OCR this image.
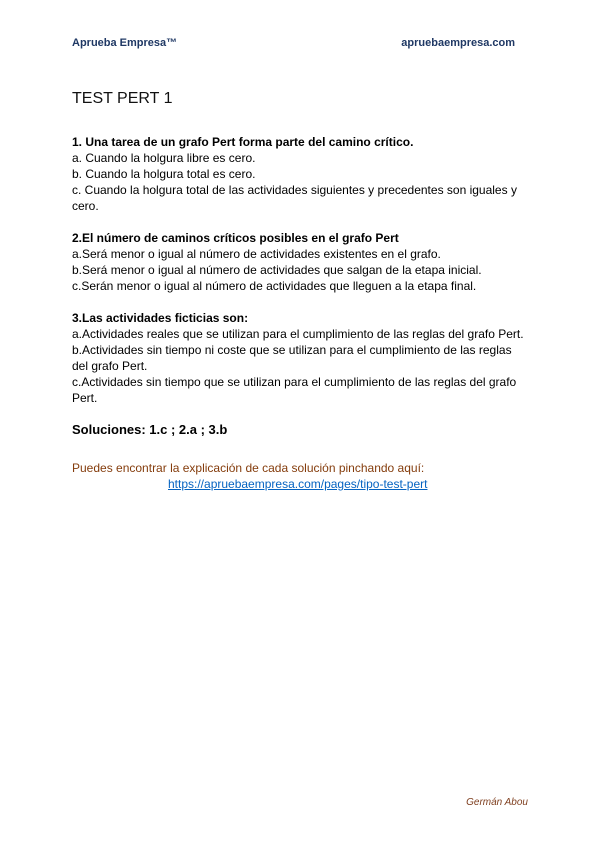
Aprueba Empresa™	apruebaempresa.com
TEST PERT 1
1. Una tarea de un grafo Pert forma parte del camino crítico.
a. Cuando la holgura libre es cero.
b. Cuando la holgura total es cero.
c. Cuando la holgura total de las actividades siguientes y precedentes son iguales y cero.
2.El número de caminos críticos posibles en el grafo Pert
a.Será menor o igual al número de actividades existentes en el grafo.
b.Será menor o igual al número de actividades que salgan de la etapa inicial.
c.Serán menor o igual al número de actividades que lleguen a la etapa final.
3.Las actividades ficticias son:
a.Actividades reales que se utilizan para el cumplimiento de las reglas del grafo Pert.
b.Actividades sin tiempo ni coste que se utilizan para el cumplimiento de las reglas del grafo Pert.
c.Actividades sin tiempo que se utilizan para el cumplimiento de las reglas del grafo Pert.
Soluciones: 1.c ; 2.a ; 3.b
Puedes encontrar la explicación de cada solución pinchando aquí:
https://apruebaempresa.com/pages/tipo-test-pert
Germán Abou
